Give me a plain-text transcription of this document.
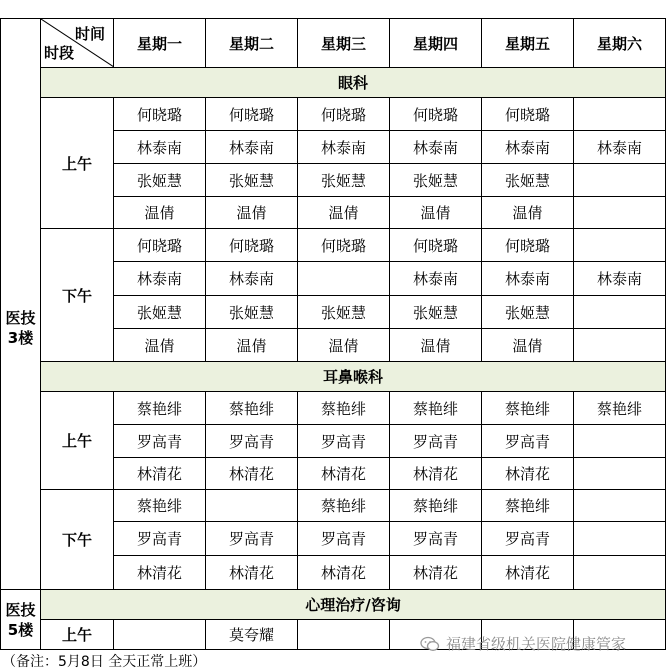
	时间
时段	星期一	星期二	星期三	星期四	星期五	星期六
医技3楼	眼科						
	上午	何晓璐	何晓璐	何晓璐	何晓璐	何晓璐	
		林泰南	林泰南	林泰南	林泰南	林泰南	林泰南
		张姬慧	张姬慧	张姬慧	张姬慧	张姬慧	
		温倩	温倩	温倩	温倩	温倩	
	下午	何晓璐	何晓璐	何晓璐	何晓璐	何晓璐	
		林泰南	林泰南		林泰南	林泰南	林泰南
		张姬慧	张姬慧	张姬慧	张姬慧	张姬慧	
		温倩	温倩	温倩	温倩	温倩	
	耳鼻喉科						
	上午	蔡艳绯	蔡艳绯	蔡艳绯	蔡艳绯	蔡艳绯	蔡艳绯
		罗高青	罗高青	罗高青	罗高青	罗高青	
		林清花	林清花	林清花	林清花	林清花	
	下午	蔡艳绯		蔡艳绯	蔡艳绯	蔡艳绯	
		罗高青	罗高青	罗高青	罗高青	罗高青	
		林清花	林清花	林清花	林清花	林清花	
医技5楼	心理治疗/咨询						
	上午		莫夸耀				
（备注：5月8日 全天正常上班）
福建省级机关医院健康管家
